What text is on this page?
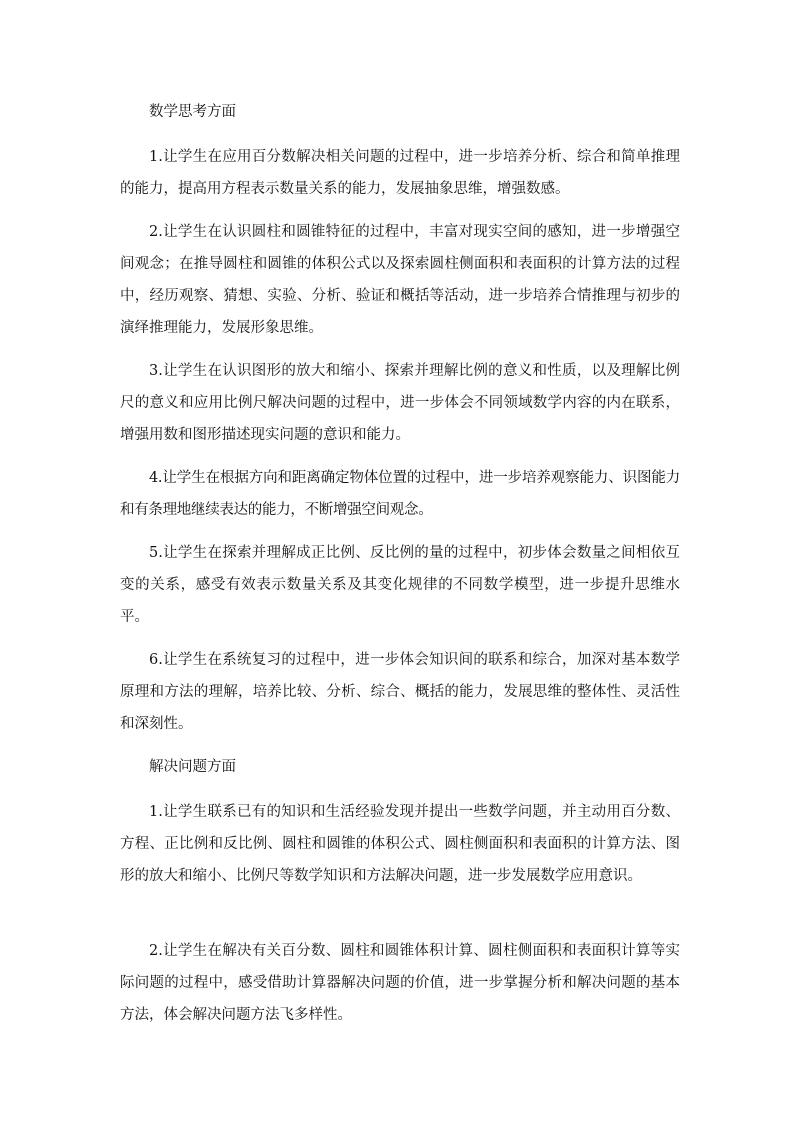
数学思考方面

1.让学生在应用百分数解决相关问题的过程中，进一步培养分析、综合和简单推理的能力，提高用方程表示数量关系的能力，发展抽象思维，增强数感。

2.让学生在认识圆柱和圆锥特征的过程中，丰富对现实空间的感知，进一步增强空间观念；在推导圆柱和圆锥的体积公式以及探索圆柱侧面积和表面积的计算方法的过程中，经历观察、猜想、实验、分析、验证和概括等活动，进一步培养合情推理与初步的演绎推理能力，发展形象思维。

3.让学生在认识图形的放大和缩小、探索并理解比例的意义和性质，以及理解比例尺的意义和应用比例尺解决问题的过程中，进一步体会不同领域数学内容的内在联系，增强用数和图形描述现实问题的意识和能力。

4.让学生在根据方向和距离确定物体位置的过程中，进一步培养观察能力、识图能力和有条理地继续表达的能力，不断增强空间观念。

5.让学生在探索并理解成正比例、反比例的量的过程中，初步体会数量之间相依互变的关系，感受有效表示数量关系及其变化规律的不同数学模型，进一步提升思维水平。

6.让学生在系统复习的过程中，进一步体会知识间的联系和综合，加深对基本数学原理和方法的理解，培养比较、分析、综合、概括的能力，发展思维的整体性、灵活性和深刻性。

解决问题方面

1.让学生联系已有的知识和生活经验发现并提出一些数学问题，并主动用百分数、方程、正比例和反比例、圆柱和圆锥的体积公式、圆柱侧面积和表面积的计算方法、图形的放大和缩小、比例尺等数学知识和方法解决问题，进一步发展数学应用意识。

2.让学生在解决有关百分数、圆柱和圆锥体积计算、圆柱侧面积和表面积计算等实际问题的过程中，感受借助计算器解决问题的价值，进一步掌握分析和解决问题的基本方法，体会解决问题方法飞多样性。
